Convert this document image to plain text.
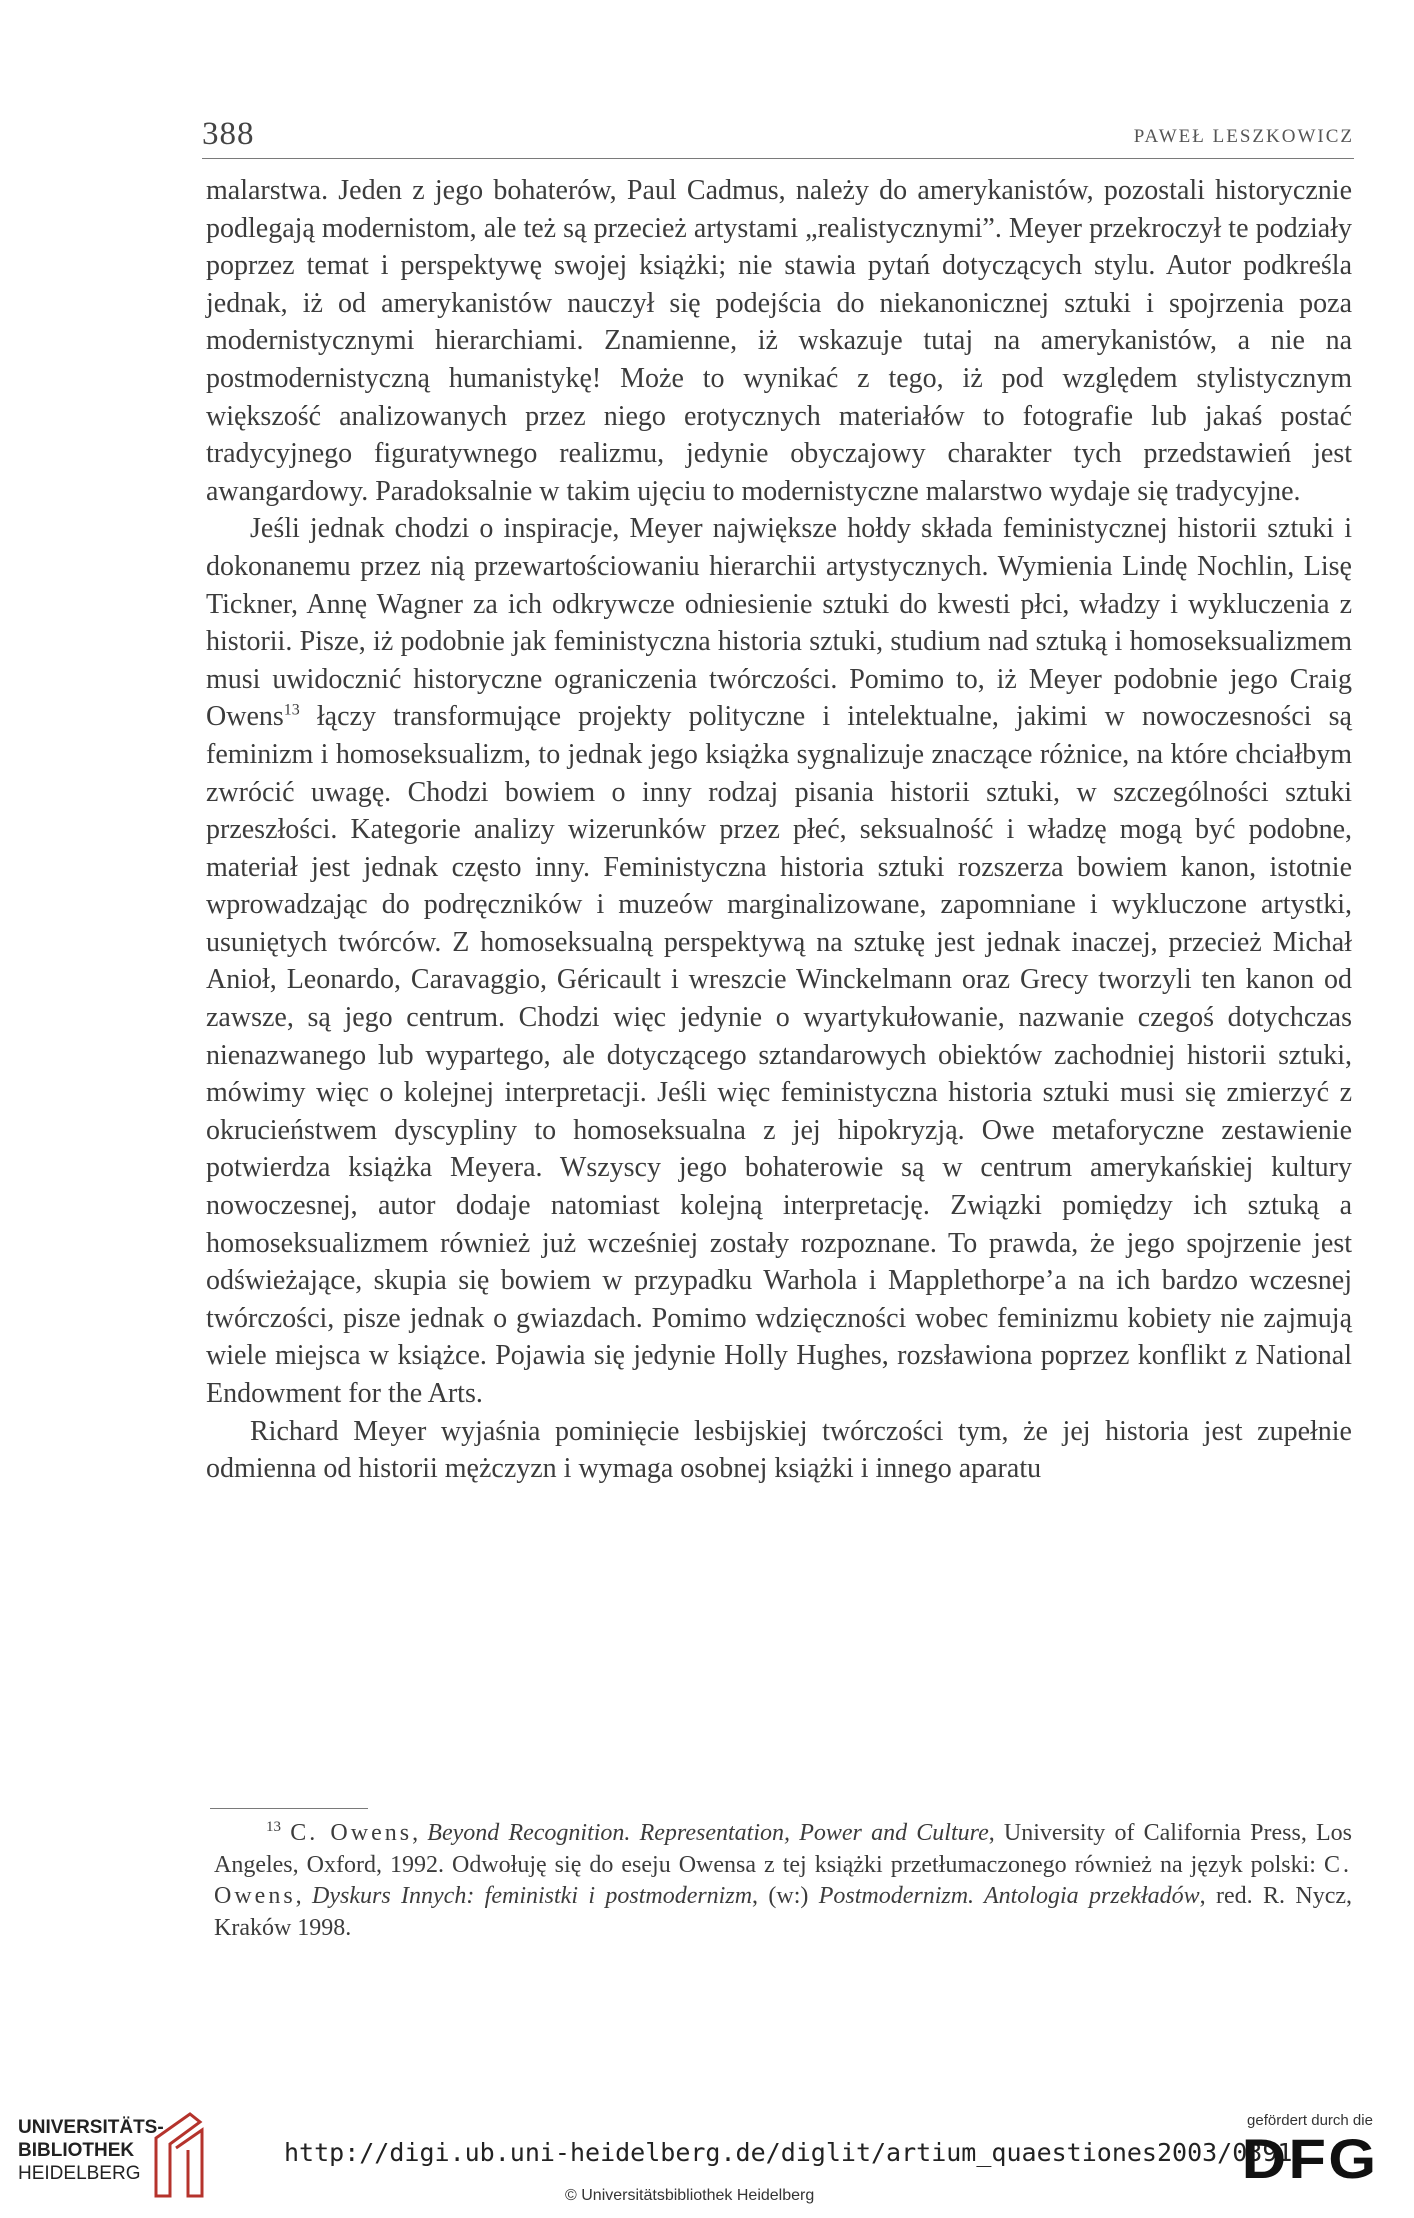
388	PAWEŁ LESZKOWICZ

malarstwa. Jeden z jego bohaterów, Paul Cadmus, należy do amerykanistów, pozostali historycznie podlegają modernistom, ale też są przecież artystami „realistycznymi”. Meyer przekroczył te podziały poprzez temat i perspektywę swojej książki; nie stawia pytań dotyczących stylu. Autor podkreśla jednak, iż od amerykanistów nauczył się podejścia do niekanonicznej sztuki i spojrzenia poza modernistycznymi hierarchiami. Znamienne, iż wskazuje tutaj na amerykanistów, a nie na postmodernistyczną humanistykę! Może to wynikać z tego, iż pod względem stylistycznym większość analizowanych przez niego erotycznych materiałów to fotografie lub jakaś postać tradycyjnego figuratywnego realizmu, jedynie obyczajowy charakter tych przedstawień jest awangardowy. Paradoksalnie w takim ujęciu to modernistyczne malarstwo wydaje się tradycyjne.

Jeśli jednak chodzi o inspiracje, Meyer największe hołdy składa feministycznej historii sztuki i dokonanemu przez nią przewartościowaniu hierarchii artystycznych. Wymienia Lindę Nochlin, Lisę Tickner, Annę Wagner za ich odkrywcze odniesienie sztuki do kwesti płci, władzy i wykluczenia z historii. Pisze, iż podobnie jak feministyczna historia sztuki, studium nad sztuką i homoseksualizmem musi uwidocznić historyczne ograniczenia twórczości. Pomimo to, iż Meyer podobnie jego Craig Owens$^{13}$ łączy transformujące projekty polityczne i intelektualne, jakimi w nowoczesności są feminizm i homoseksualizm, to jednak jego książka sygnalizuje znaczące różnice, na które chciałbym zwrócić uwagę. Chodzi bowiem o inny rodzaj pisania historii sztuki, w szczególności sztuki przeszłości. Kategorie analizy wizerunków przez płeć, seksualność i władzę mogą być podobne, materiał jest jednak często inny. Feministyczna historia sztuki rozszerza bowiem kanon, istotnie wprowadzając do podręczników i muzeów marginalizowane, zapomniane i wykluczone artystki, usuniętych twórców. Z homoseksualną perspektywą na sztukę jest jednak inaczej, przecież Michał Anioł, Leonardo, Caravaggio, Géricault i wreszcie Winckelmann oraz Grecy tworzyli ten kanon od zawsze, są jego centrum. Chodzi więc jedynie o wyartykułowanie, nazwanie czegoś dotychczas nienazwanego lub wypartego, ale dotyczącego sztandarowych obiektów zachodniej historii sztuki, mówimy więc o kolejnej interpretacji. Jeśli więc feministyczna historia sztuki musi się zmierzyć z okrucieństwem dyscypliny to homoseksualna z jej hipokryzją. Owe metaforyczne zestawienie potwierdza książka Meyera. Wszyscy jego bohaterowie są w centrum amerykańskiej kultury nowoczesnej, autor dodaje natomiast kolejną interpretację. Związki pomiędzy ich sztuką a homoseksualizmem również już wcześniej zostały rozpoznane. To prawda, że jego spojrzenie jest odświeżające, skupia się bowiem w przypadku Warhola i Mapplethorpe’a na ich bardzo wczesnej twórczości, pisze jednak o gwiazdach. Pomimo wdzięczności wobec feminizmu kobiety nie zajmują wiele miejsca w książce. Pojawia się jedynie Holly Hughes, rozsławiona poprzez konflikt z National Endowment for the Arts.

Richard Meyer wyjaśnia pominięcie lesbijskiej twórczości tym, że jej historia jest zupełnie odmienna od historii mężczyzn i wymaga osobnej książki i innego aparatu

$^{13}$ C. Owens, Beyond Recognition. Representation, Power and Culture, University of California Press, Los Angeles, Oxford, 1992. Odwołuję się do eseju Owensa z tej książki przetłumaczonego również na język polski: C. Owens, Dyskurs Innych: feministki i postmodernizm, (w:) Postmodernizm. Antologia przekładów, red. R. Nycz, Kraków 1998.
UNIVERSITÄTS-
BIBLIOTHEK
HEIDELBERG
http://digi.ub.uni-heidelberg.de/diglit/artium_quaestiones2003/0391
© Universitätsbibliothek Heidelberg
gefördert durch die
DFG
